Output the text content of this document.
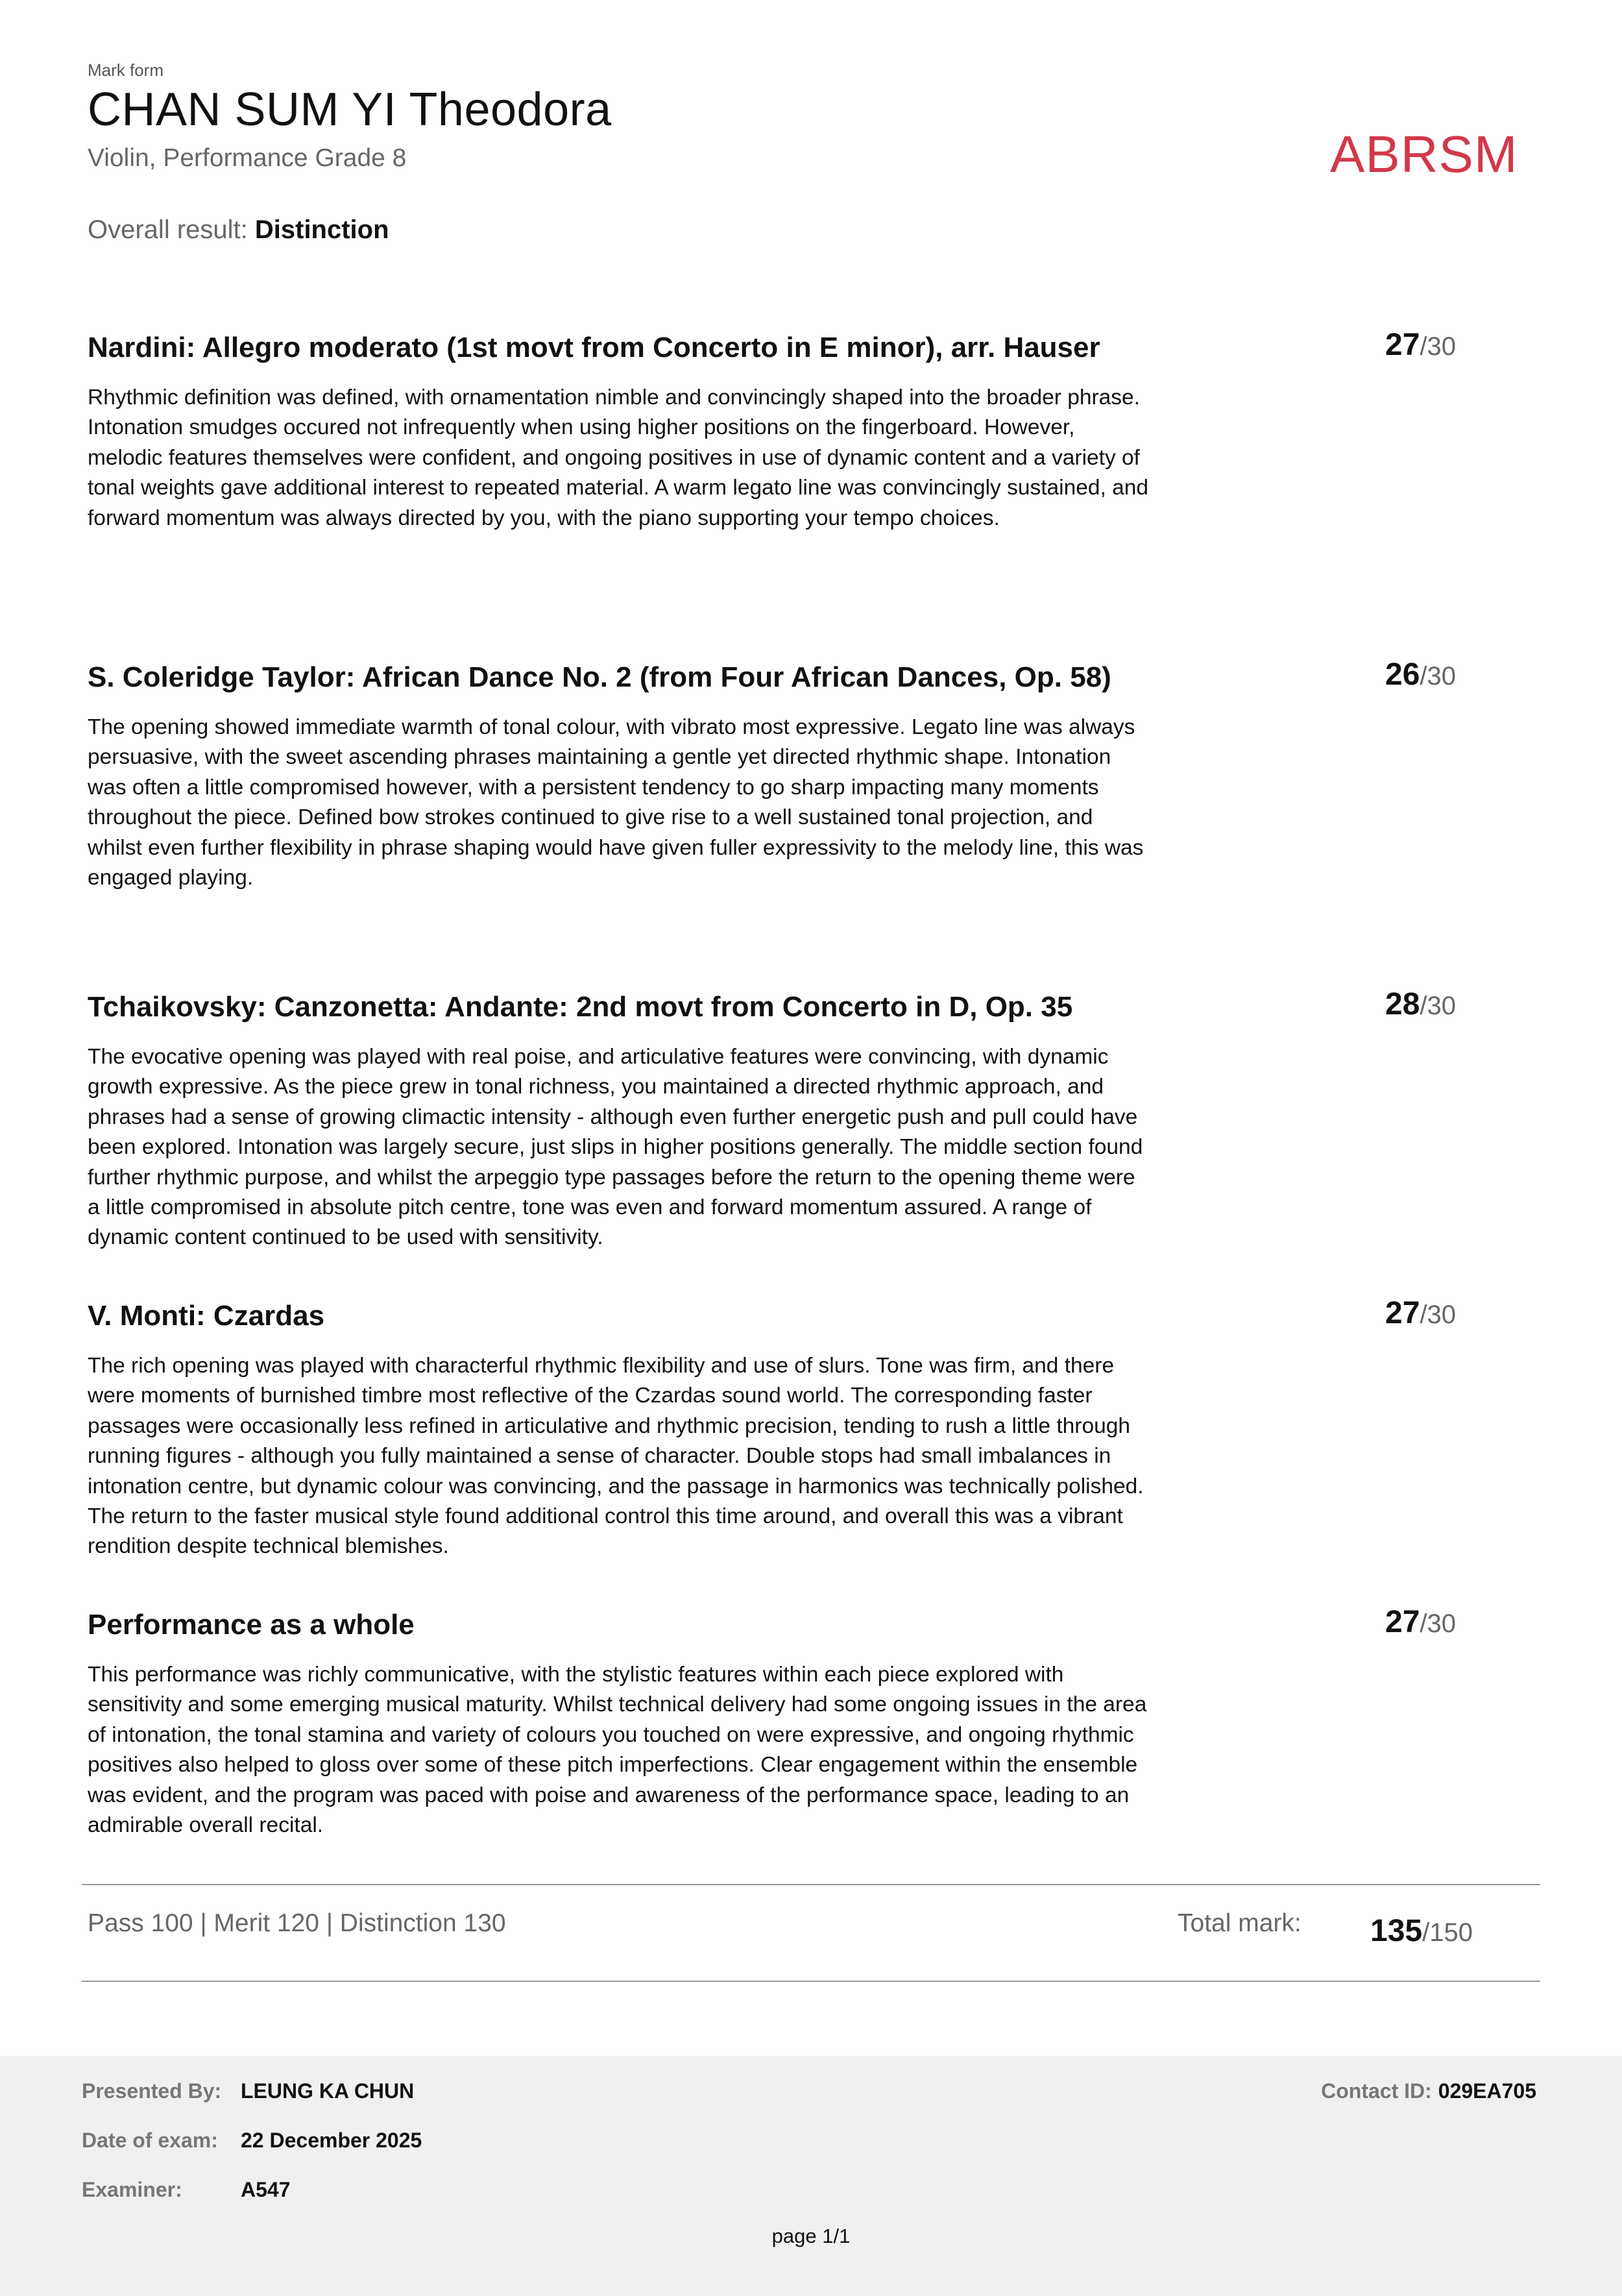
Mark form
CHAN SUM YI Theodora
Violin, Performance Grade 8	ABRSM
Overall result: Distinction
Nardini: Allegro moderato (1st movt from Concerto in E minor), arr. Hauser
Rhythmic definition was defined, with ornamentation nimble and convincingly shaped into the broader phrase. Intonation smudges occured not infrequently when using higher positions on the fingerboard. However, melodic features themselves were confident, and ongoing positives in use of dynamic content and a variety of tonal weights gave additional interest to repeated material. A warm legato line was convincingly sustained, and forward momentum was always directed by you, with the piano supporting your tempo choices.
27/30
S. Coleridge Taylor: African Dance No. 2 (from Four African Dances, Op. 58)
The opening showed immediate warmth of tonal colour, with vibrato most expressive. Legato line was always persuasive, with the sweet ascending phrases maintaining a gentle yet directed rhythmic shape. Intonation was often a little compromised however, with a persistent tendency to go sharp impacting many moments throughout the piece. Defined bow strokes continued to give rise to a well sustained tonal projection, and whilst even further flexibility in phrase shaping would have given fuller expressivity to the melody line, this was engaged playing.
26/30
Tchaikovsky: Canzonetta: Andante: 2nd movt from Concerto in D, Op. 35
The evocative opening was played with real poise, and articulative features were convincing, with dynamic growth expressive. As the piece grew in tonal richness, you maintained a directed rhythmic approach, and phrases had a sense of growing climactic intensity - although even further energetic push and pull could have been explored. Intonation was largely secure, just slips in higher positions generally. The middle section found further rhythmic purpose, and whilst the arpeggio type passages before the return to the opening theme were a little compromised in absolute pitch centre, tone was even and forward momentum assured. A range of dynamic content continued to be used with sensitivity.
28/30
V. Monti: Czardas
The rich opening was played with characterful rhythmic flexibility and use of slurs. Tone was firm, and there were moments of burnished timbre most reflective of the Czardas sound world. The corresponding faster passages were occasionally less refined in articulative and rhythmic precision, tending to rush a little through running figures - although you fully maintained a sense of character. Double stops had small imbalances in intonation centre, but dynamic colour was convincing, and the passage in harmonics was technically polished. The return to the faster musical style found additional control this time around, and overall this was a vibrant rendition despite technical blemishes.
27/30
Performance as a whole
This performance was richly communicative, with the stylistic features within each piece explored with sensitivity and some emerging musical maturity. Whilst technical delivery had some ongoing issues in the area of intonation, the tonal stamina and variety of colours you touched on were expressive, and ongoing rhythmic positives also helped to gloss over some of these pitch imperfections. Clear engagement within the ensemble was evident, and the program was paced with poise and awareness of the performance space, leading to an admirable overall recital.
27/30
Pass 100 | Merit 120 | Distinction 130	Total mark: 135/150
Presented By: LEUNG KA CHUN
Date of exam: 22 December 2025
Examiner:	A547
Contact ID: 029EA705
page 1/1
